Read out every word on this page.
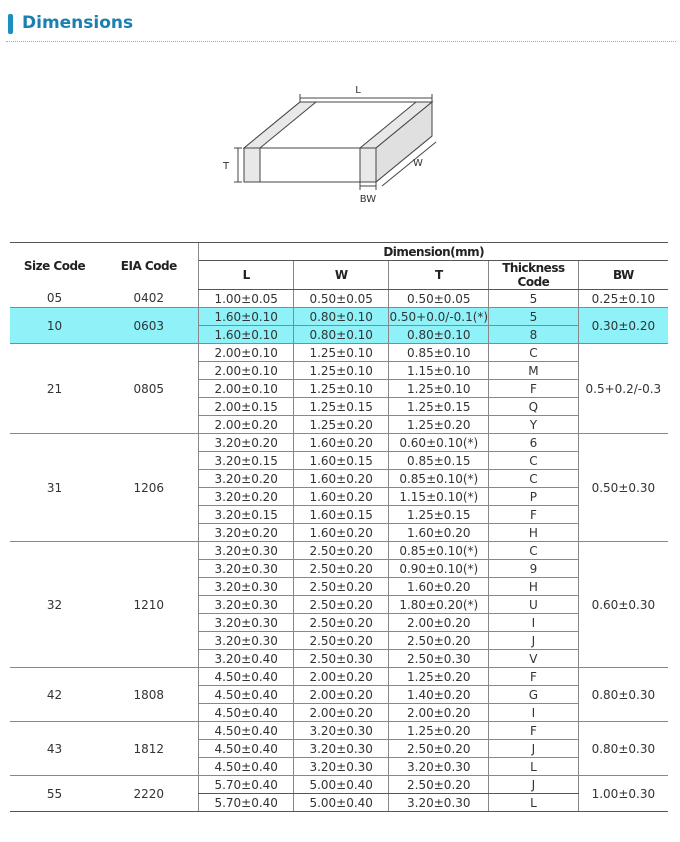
Dimensions
L
T	W
BW
Size Code	EIA Code	Dimension(mm)				
		L	W	T	Thickness Code	BW
05	0402	1.00±0.05	0.50±0.05	0.50±0.05	5	0.25±0.10
10	0603	1.60±0.10	0.80±0.10	0.50+0.0/-0.1(*)	5	0.30±0.20
		1.60±0.10	0.80±0.10	0.80±0.10	8	
21	0805	2.00±0.10	1.25±0.10	0.85±0.10	C	0.5+0.2/-0.3
		2.00±0.10	1.25±0.10	1.15±0.10	M	
		2.00±0.10	1.25±0.10	1.25±0.10	F	
		2.00±0.15	1.25±0.15	1.25±0.15	Q	
		2.00±0.20	1.25±0.20	1.25±0.20	Y	
31	1206	3.20±0.20	1.60±0.20	0.60±0.10(*)	6	0.50±0.30
		3.20±0.15	1.60±0.15	0.85±0.15	C	
		3.20±0.20	1.60±0.20	0.85±0.10(*)	C	
		3.20±0.20	1.60±0.20	1.15±0.10(*)	P	
		3.20±0.15	1.60±0.15	1.25±0.15	F	
		3.20±0.20	1.60±0.20	1.60±0.20	H	
32	1210	3.20±0.30	2.50±0.20	0.85±0.10(*)	C	0.60±0.30
		3.20±0.30	2.50±0.20	0.90±0.10(*)	9	
		3.20±0.30	2.50±0.20	1.60±0.20	H	
		3.20±0.30	2.50±0.20	1.80±0.20(*)	U	
		3.20±0.30	2.50±0.20	2.00±0.20	I	
		3.20±0.30	2.50±0.20	2.50±0.20	J	
		3.20±0.40	2.50±0.30	2.50±0.30	V	
42	1808	4.50±0.40	2.00±0.20	1.25±0.20	F	0.80±0.30
		4.50±0.40	2.00±0.20	1.40±0.20	G	
		4.50±0.40	2.00±0.20	2.00±0.20	I	
43	1812	4.50±0.40	3.20±0.30	1.25±0.20	F	0.80±0.30
		4.50±0.40	3.20±0.30	2.50±0.20	J	
		4.50±0.40	3.20±0.30	3.20±0.30	L	
55	2220	5.70±0.40	5.00±0.40	2.50±0.20	J	1.00±0.30
		5.70±0.40	5.00±0.40	3.20±0.30	L	
